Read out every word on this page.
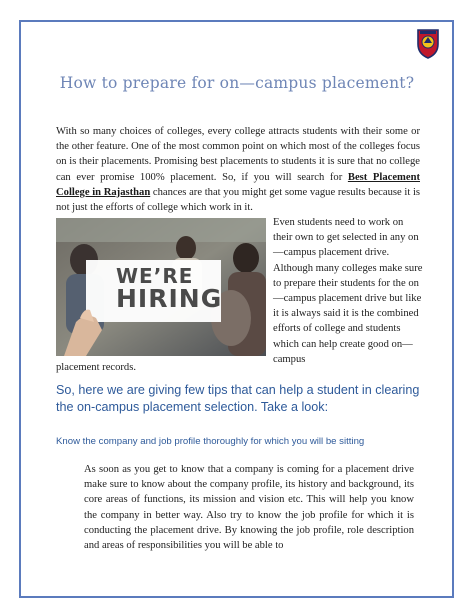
How to prepare for on—campus placement?
With so many choices of colleges, every college attracts students with their some or the other feature. One of the most common point on which most of the colleges focus on is their placements. Promising best placements to students it is sure that no college can ever promise 100% placement. So, if you will search for Best Placement College in Rajasthan chances are that you might get some vague results because it is not just the efforts of college which work in it.
WE’RE
HIRING
Even students need to work on their own to get selected in any on—campus placement drive. Although many colleges make sure to prepare their students for the on—campus placement drive but like it is always said it is the combined efforts of college and students which can help create good on—campus
placement records.
So, here we are giving few tips that can help a student in clearing the on-campus placement selection. Take a look:
Know the company and job profile thoroughly for which you will be sitting
As soon as you get to know that a company is coming for a placement drive make sure to know about the company profile, its history and background, its core areas of functions, its mission and vision etc. This will help you know the company in better way. Also try to know the job profile for which it is conducting the placement drive. By knowing the job profile, role description and areas of responsibilities you will be able to
